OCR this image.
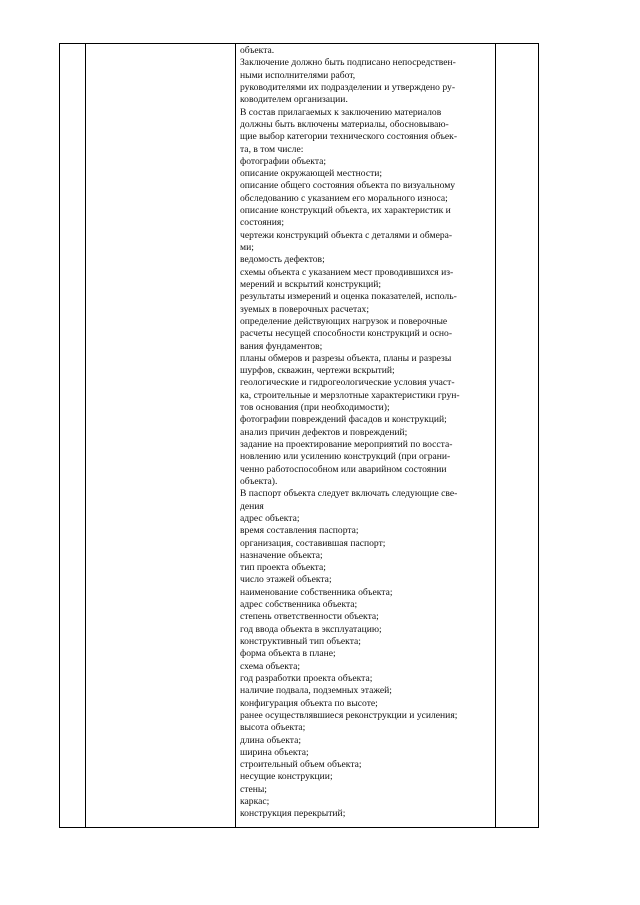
объекта.
Заключение должно быть подписано непосредствен-
ными исполнителями работ,
руководителями их подразделении и утверждено ру-
ководителем организации.
В состав прилагаемых к заключению материалов
должны быть включены материалы, обосновываю-
щие выбор категории технического состояния объек-
та, в том числе:
фотографии объекта;
описание окружающей местности;
описание общего состояния объекта по визуальному
обследованию с указанием его морального износа;
описание конструкций объекта, их характеристик и
состояния;
чертежи конструкций объекта с деталями и обмера-
ми;
ведомость дефектов;
схемы объекта с указанием мест проводившихся из-
мерений и вскрытий конструкций;
результаты измерений и оценка показателей, исполь-
зуемых в поверочных расчетах;
определение действующих нагрузок и поверочные
расчеты несущей способности конструкций и осно-
вания фундаментов;
планы обмеров и разрезы объекта, планы и разрезы
шурфов, скважин, чертежи вскрытий;
геологические и гидрогеологические условия участ-
ка, строительные и мерзлотные характеристики грун-
тов основания (при необходимости);
фотографии повреждений фасадов и конструкций;
анализ причин дефектов и повреждений;
задание на проектирование мероприятий по восста-
новлению или усилению конструкций (при ограни-
ченно работоспособном или аварийном состоянии
объекта).
В паспорт объекта следует включать следующие све-
дения
адрес объекта;
время составления паспорта;
организация, составившая паспорт;
назначение объекта;
тип проекта объекта;
число этажей объекта;
наименование собственника объекта;
адрес собственника объекта;
степень ответственности объекта;
год ввода объекта в эксплуатацию;
конструктивный тип объекта;
форма объекта в плане;
схема объекта;
год разработки проекта объекта;
наличие подвала, подземных этажей;
конфигурация объекта по высоте;
ранее осуществлявшиеся реконструкции и усиления;
высота объекта;
длина объекта;
ширина объекта;
строительный объем объекта;
несущие конструкции;
стены;
каркас;
конструкция перекрытий;
